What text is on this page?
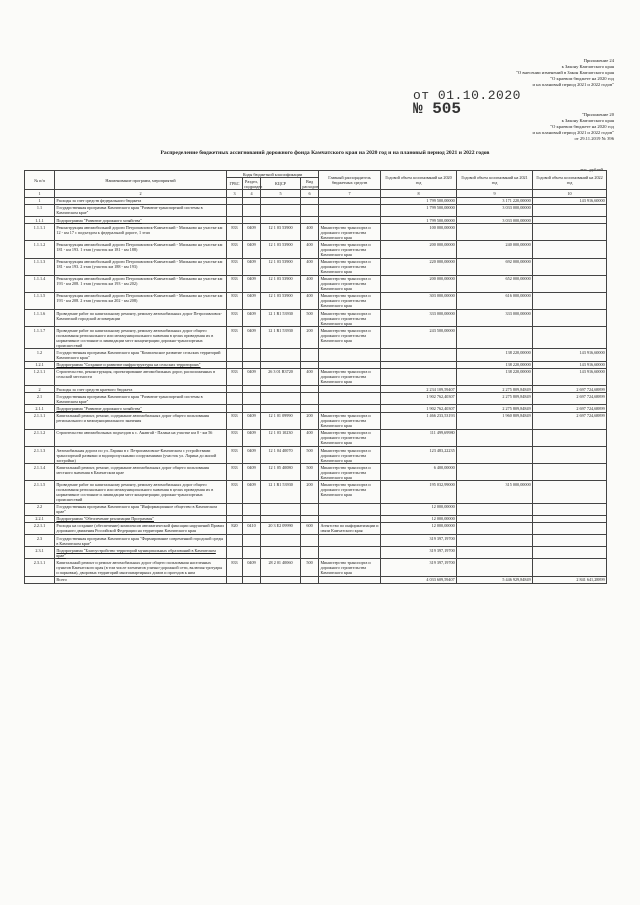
Приложение 24
к Закону Камчатского края
"О внесении изменений в Закон Камчатского края
"О краевом бюджете на 2020 год
и на плановый период 2021 и 2022 годов"
"Приложение 20
к Закону Камчатского края
"О краевом бюджете на 2020 год
и на плановый период 2021 и 2022 годов"
от 29.11.2019 № 396
от 01.10.2020
№ 505
Распределение бюджетных ассигнований дорожного фонда Камчатского края на 2020 год и на плановый период 2021 и 2022 годов
тыс. рублей
№ п/п	Наименование программ, мероприятий	Коды бюджетной классификации				Главный распорядитель бюджетных средств	Годовой объем ассигнований на 2020 год	Годовой объем ассигнований на 2021 год	Годовой объем ассигнований на 2022 год
		ГРБС	Раздел, подраздел	КЦСР	Вид расходов				
1	2	3	4	5	6	7	8	9	10
1	Расходы за счет средств федерального бюджета						1 799 500,00000	3 171 220,00000	143 916,60000
1.1	Государственная программа Камчатского края "Развитие транспортной системы в Камчатском крае"						1 799 500,00000	3 033 000,00000	
1.1.1	Подпрограмма "Развитие дорожного хозяйства"						1 799 500,00000	3 033 000,00000	
1.1.1.1	Реконструкция автомобильной дороги Петропавловск-Камчатский - Мильково на участке км 12 - км 17 с подъездом к федеральной дороге, 1 этап	833	0409	12 1 03 53900	400	Министерство транспорта и дорожного строительства Камчатского края	100 000,00000		
1.1.1.2	Реконструкция автомобильной дороги Петропавловск-Камчатский - Мильково на участке км 181 - км 193. 1 этап (участок км 181 - км 188)	833	0409	12 1 03 53900	400	Министерство транспорта и дорожного строительства Камчатского края	200 000,00000	240 000,00000	
1.1.1.3	Реконструкция автомобильной дороги Петропавловск-Камчатский - Мильково на участке км 181 - км 193. 2 этап (участок км 188 - км 193)	833	0409	12 1 03 53900	400	Министерство транспорта и дорожного строительства Камчатского края	220 000,00000	692 000,00000	
1.1.1.4	Реконструкция автомобильной дороги Петропавловск-Камчатский - Мильково на участке км 193 - км 208. 1 этап (участок км 193 - км 202)	833	0409	12 1 03 53900	400	Министерство транспорта и дорожного строительства Камчатского края	200 000,00000	652 000,00000	
1.1.1.5	Реконструкция автомобильной дороги Петропавловск-Камчатский - Мильково на участке км 193 - км 208. 2 этап (участок км 202 - км 208)	833	0409	12 1 03 53900	400	Министерство транспорта и дорожного строительства Камчатского края	303 000,00000	616 000,00000	
1.1.1.6	Проведение работ по капитальному ремонту, ремонту автомобильных дорог Петропавловск-Камчатской городской агломерации	833	0409	12 1 R1 53930	500	Министерство транспорта и дорожного строительства Камчатского края	333 000,00000	333 000,00000	
1.1.1.7	Проведение работ по капитальному ремонту, ремонту автомобильных дорог общего пользования регионального или межмуниципального значения в целях приведения их в нормативное состояние и ликвидации мест концентрации дорожно-транспортных происшествий	833	0409	12 1 R1 53930	200	Министерство транспорта и дорожного строительства Камчатского края	243 500,00000		
1.2	Государственная программа Камчатского края "Комплексное развитие сельских территорий Камчатского края"							138 220,00000	143 916,60000
1.2.1	Подпрограмма "Создание и развитие инфраструктуры на сельских территориях"							138 220,00000	143 916,60000
1.2.1.1	Строительство, реконструкция, проектирование автомобильных дорог, расположенных в сельской местности	833	0409	26 3 01 R3720	400	Министерство транспорта и дорожного строительства Камчатского края		138 220,00000	143 916,60000
2	Расходы за счет средств краевого бюджета						2 234 109,59407	2 275 809,84849	2 697 724,68899
2.1	Государственная программа Камчатского края "Развитие транспортной системы в Камчатском крае"						1 902 762,40307	2 275 809,84849	2 697 724,68899
2.1.1	Подпрограмма "Развитие дорожного хозяйства"						1 902 762,40307	2 275 809,84849	2 697 724,68899
2.1.1.1	Капитальный ремонт, ремонт, содержание автомобильных дорог общего пользования регионального и межмуниципального значения	833	0409	12 1 01 09990	200	Министерство транспорта и дорожного строительства Камчатского края	1 466 233,53193	1 960 809,84849	2 697 724,68899
2.1.1.2	Строительство автомобильных подъездов к с. Анавгай - Палана на участке км 0 - км 56	833	0409	12 1 03 10230	400	Министерство транспорта и дорожного строительства Камчатского края	111 499,69980		
2.1.1.3	Автомобильная дорога по ул. Ларина в г. Петропавловске-Камчатском с устройствами транспортной развязки и водопропускными сооружениями (участок ул. Ларина до жилой застройки)	833	0409	12 1 04 40070	500	Министерство транспорта и дорожного строительства Камчатского края	123 483,22235		
2.1.1.4	Капитальный ремонт, ремонт, содержание автомобильных дорог общего пользования местного значения в Камчатском крае	833	0409	12 1 05 40080	500	Министерство транспорта и дорожного строительства Камчатского края	6 400,00000		
2.1.1.5	Проведение работ по капитальному ремонту, ремонту автомобильных дорог общего пользования регионального или межмуниципального значения в целях приведения их в нормативное состояние и ликвидации мест концентрации дорожно-транспортных происшествий	833	0409	12 1 R1 53930	200	Министерство транспорта и дорожного строительства Камчатского края	195 032,99000	315 000,00000	
2.2	Государственная программа Камчатского края "Информационное общество в Камчатском крае"						12 000,00000		
2.2.1	Подпрограмма "Обеспечение реализации Программы"						12 000,00000		
2.2.1.1	Расходы на создание (обеспечение) комплексов автоматической фиксации нарушений Правил дорожного движения Российской Федерации на территории Камчатского края	820	0410	20 3 E2 09990	600	Агентство по информатизации и связи Камчатского края	12 000,00000		
2.3	Государственная программа Камчатского края "Формирование современной городской среды в Камчатском крае"						319 397,19700		
2.3.1	Подпрограмма "Благоустройство территорий муниципальных образований в Камчатском крае"						319 397,19700		
2.3.1.1	Капитальный ремонт и ремонт автомобильных дорог общего пользования населенных пунктов Камчатского края (в том числе элементов улично-дорожной сети, включая тротуары и парковки), дворовых территорий многоквартирных домов и проездов к ним	833	0409	28 2 01 40060	500	Министерство транспорта и дорожного строительства Камчатского края	319 397,19700		
	Всего						4 033 609,59407	5 446 929,84849	2 841 641,28899
